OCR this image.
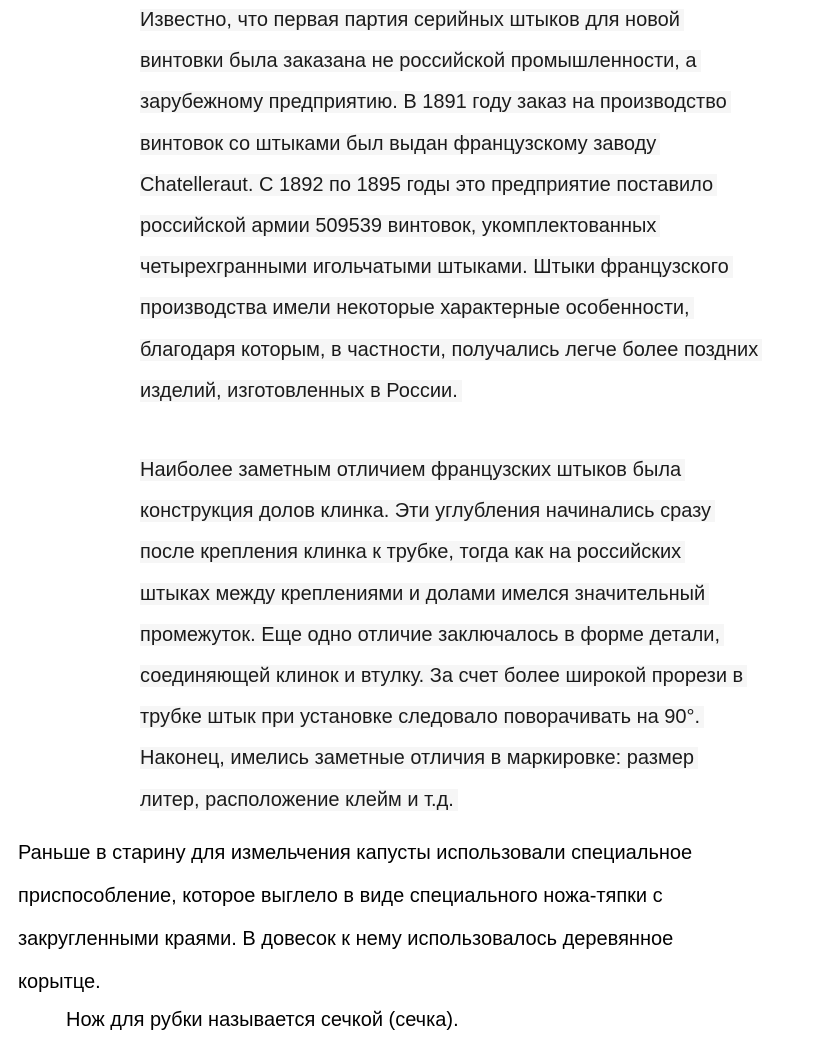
Известно, что первая партия серийных штыков для новой
винтовки была заказана не российской промышленности, а
зарубежному предприятию. В 1891 году заказ на производство
винтовок со штыками был выдан французскому заводу
Chatellerаut. С 1892 по 1895 годы это предприятие поставило
российской армии 509539 винтовок, укомплектованных
четырехгранными игольчатыми штыками. Штыки французского
производства имели некоторые характерные особенности,
благодаря которым, в частности, получались легче более поздних
изделий, изготовленных в России.
Наиболее заметным отличием французских штыков была
конструкция долов клинка. Эти углубления начинались сразу
после крепления клинка к трубке, тогда как на российских
штыках между креплениями и долами имелся значительный
промежуток. Еще одно отличие заключалось в форме детали,
соединяющей клинок и втулку. За счет более широкой прорези в
трубке штык при установке следовало поворачивать на 90°.
Наконец, имелись заметные отличия в маркировке: размер
литер, расположение клейм и т.д.
Раньше в старину для измельчения капусты использовали специальное
приспособление, которое выглело в виде специального ножа-тяпки с
закругленными краями. В довесок к нему использовалось деревянное
корытце.
Нож для рубки называется сечкой (сечка).
